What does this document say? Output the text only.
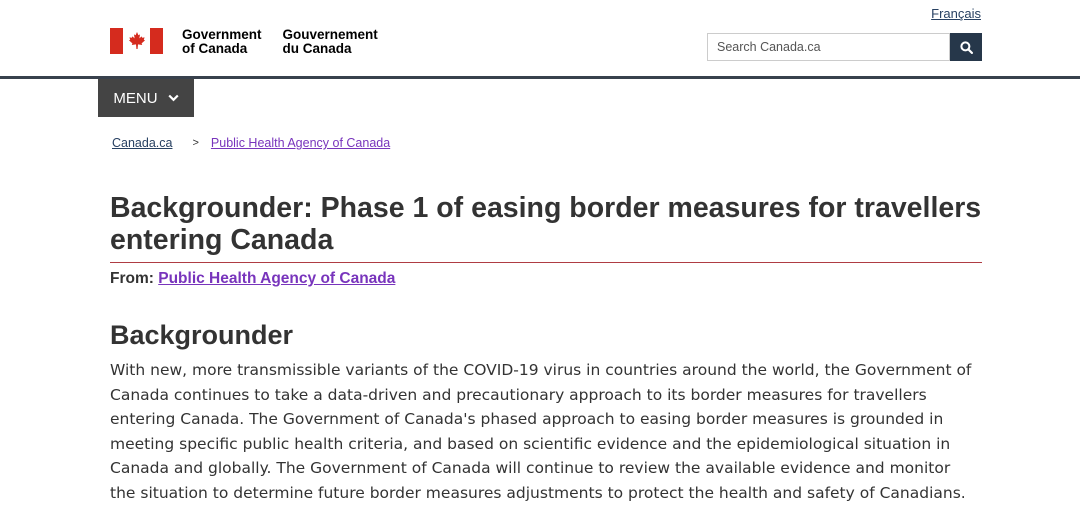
Français
Government
of Canada
Gouvernement
du Canada
Search Canada.ca
MENU
Canada.ca > Public Health Agency of Canada
Backgrounder: Phase 1 of easing border measures for travellers entering Canada
From: Public Health Agency of Canada
Backgrounder

With new, more transmissible variants of the COVID-19 virus in countries around the world, the Government of Canada continues to take a data-driven and precautionary approach to its border measures for travellers entering Canada. The Government of Canada's phased approach to easing border measures is grounded in meeting specific public health criteria, and based on scientific evidence and the epidemiological situation in Canada and globally. The Government of Canada will continue to review the available evidence and monitor the situation to determine future border measures adjustments to protect the health and safety of Canadians.
